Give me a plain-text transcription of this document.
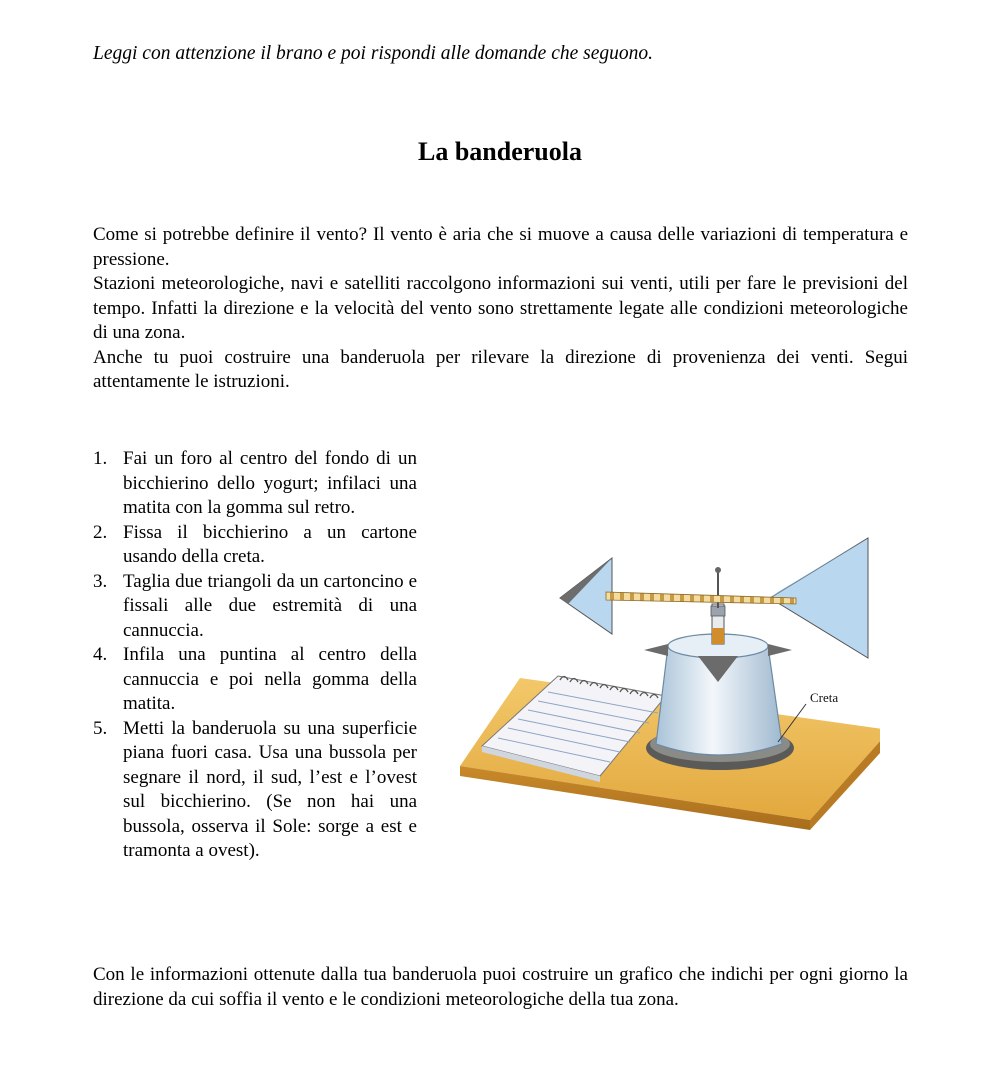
Leggi con attenzione il brano e poi rispondi alle domande che seguono.

La banderuola

Come si potrebbe definire il vento? Il vento è aria che si muove a causa delle variazioni di temperatura e pressione.

Stazioni meteorologiche, navi e satelliti raccolgono informazioni sui venti, utili per fare le previsioni del tempo. Infatti la direzione e la velocità del vento sono strettamente legate alle condizioni meteorologiche di una zona.

Anche tu puoi costruire una banderuola per rilevare la direzione di provenienza dei venti. Segui attentamente le istruzioni.

1. Fai un foro al centro del fondo di un bicchierino dello yogurt; infilaci una matita con la gomma sul retro.
2. Fissa il bicchierino a un cartone usando della creta.
3. Taglia due triangoli da un cartoncino e fissali alle due estremità di una cannuccia.
4. Infila una puntina al centro della cannuccia e poi nella gomma della matita.
5. Metti la banderuola su una superficie piana fuori casa. Usa una bussola per segnare il nord, il sud, l’est e l’ovest sul bicchierino. (Se non hai una bussola, osserva il Sole: sorge a est e tramonta a ovest).
Creta

Con le informazioni ottenute dalla tua banderuola puoi costruire un grafico che indichi per ogni giorno la direzione da cui soffia il vento e le condizioni meteorologiche della tua zona.
